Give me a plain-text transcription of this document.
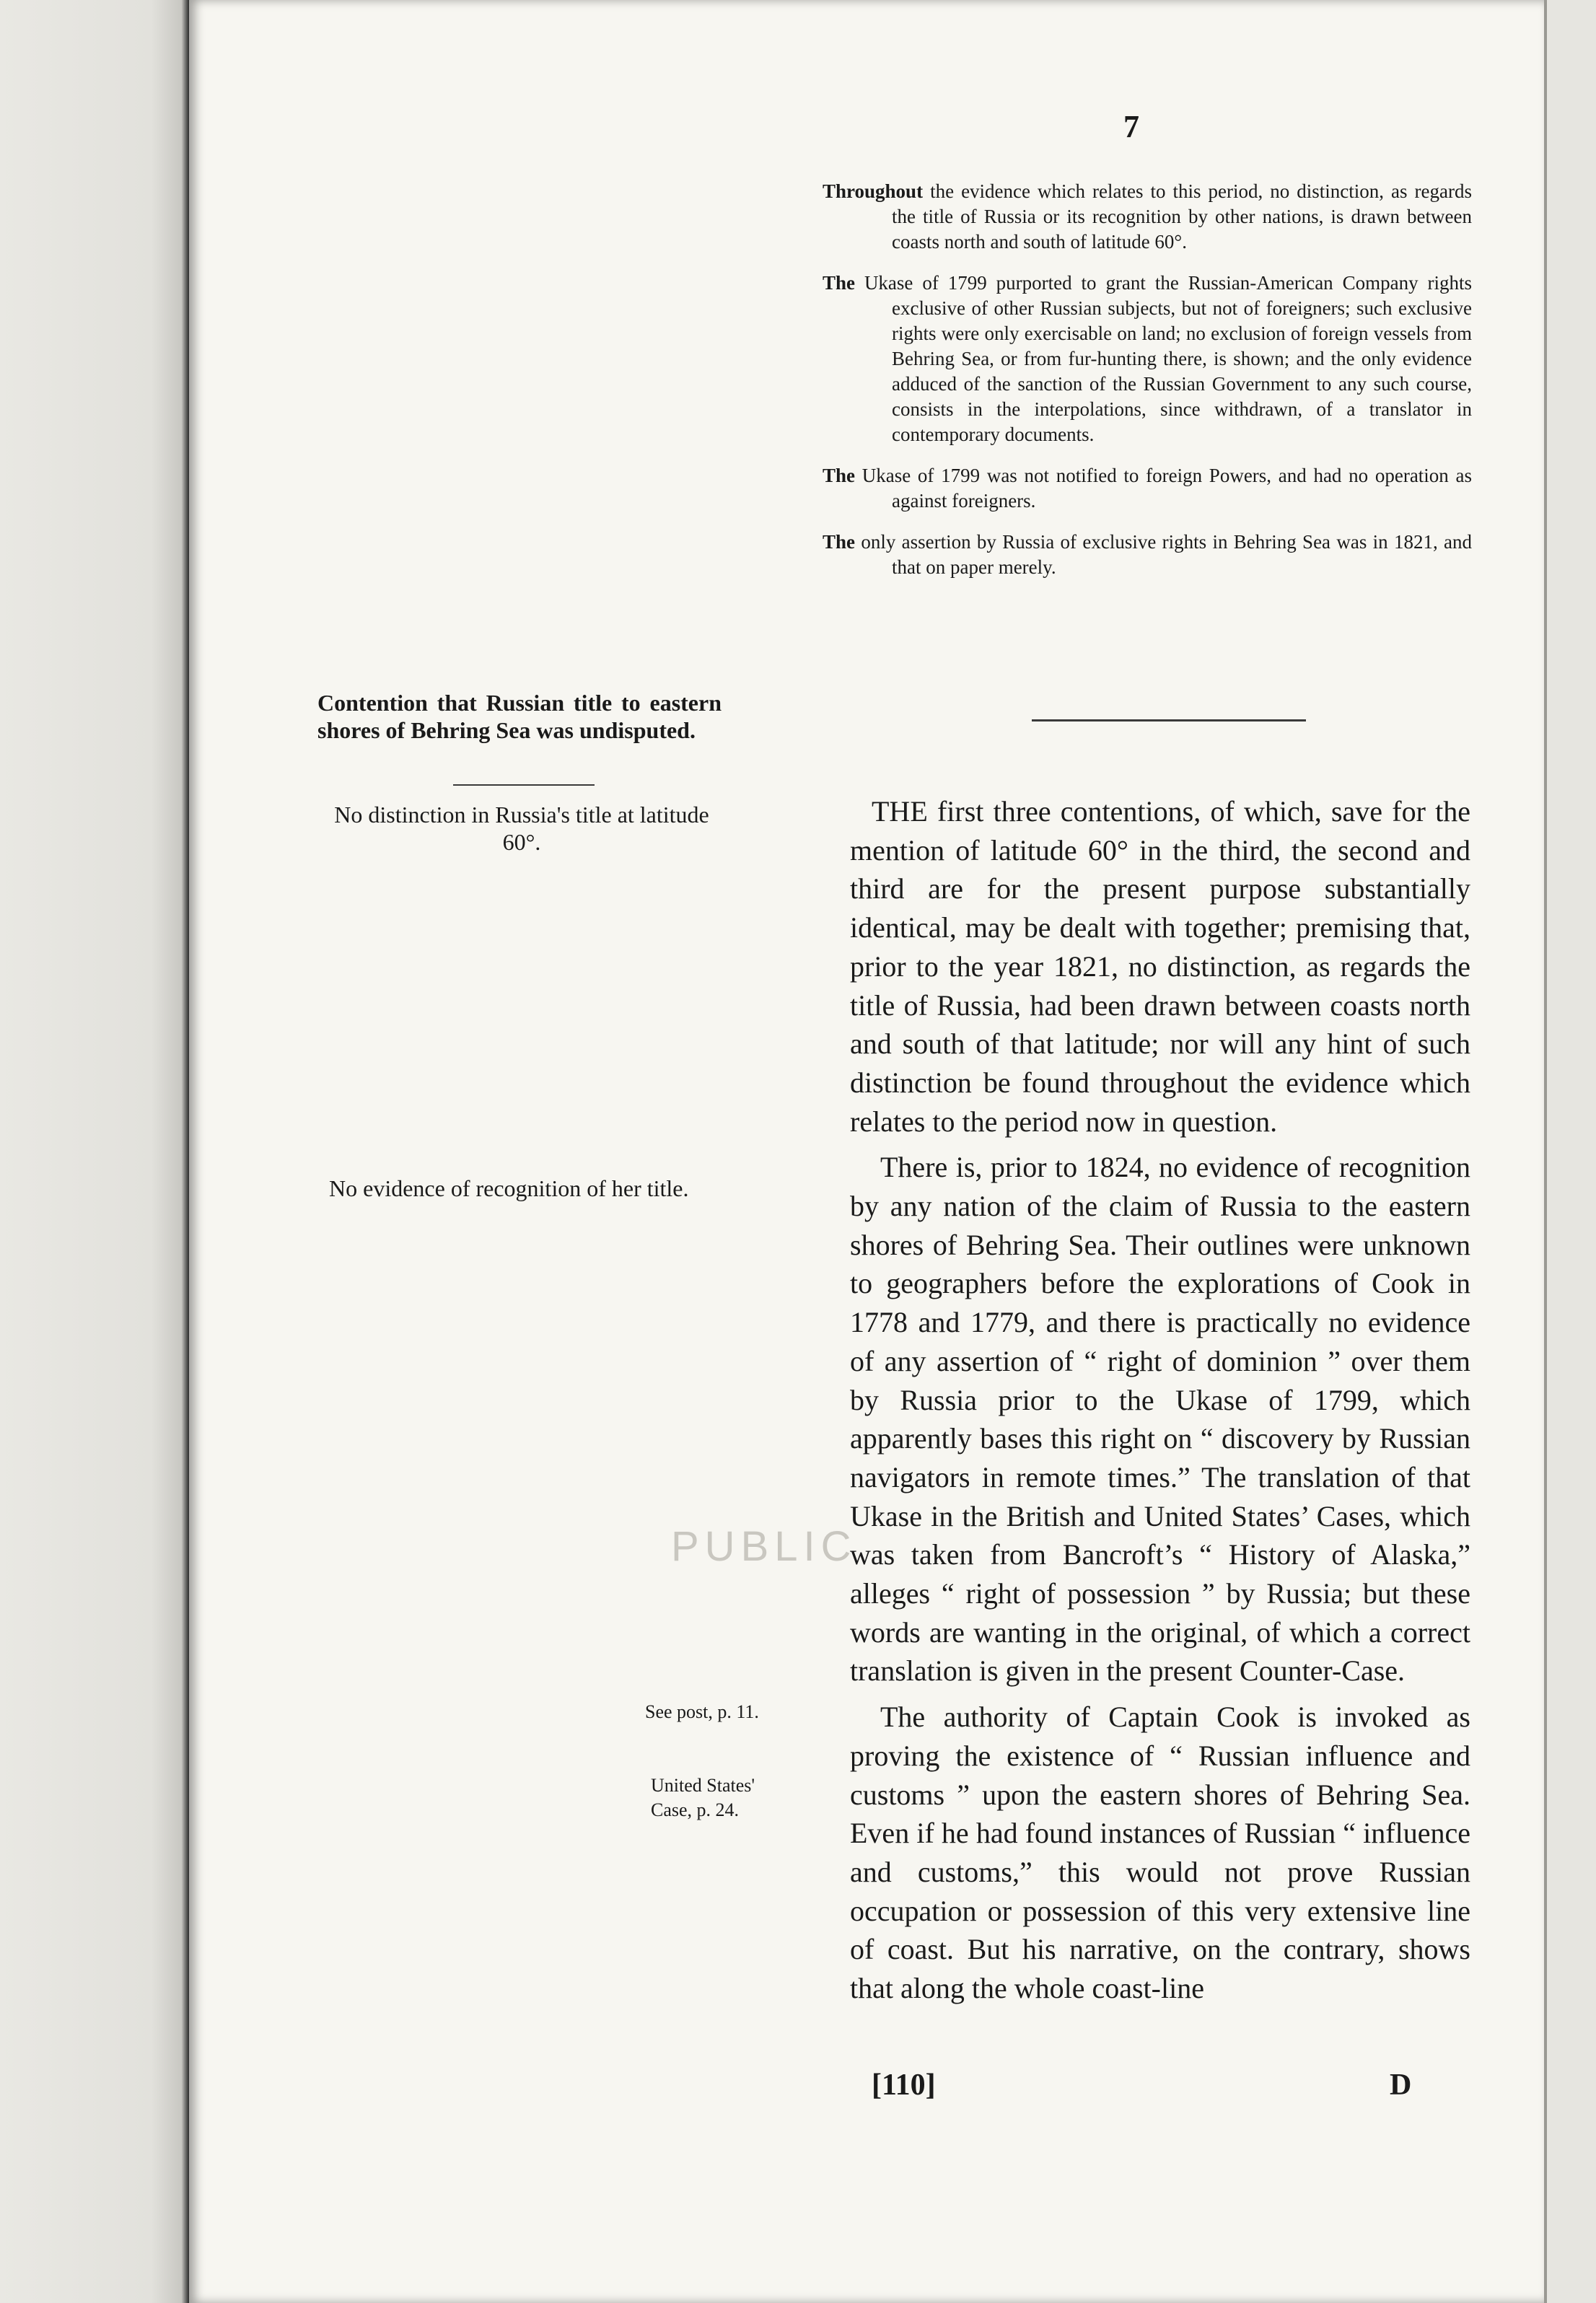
7

Throughout the evidence which relates to this period, no distinction, as regards the title of Russia or its recognition by other nations, is drawn between coasts north and south of latitude 60°.

The Ukase of 1799 purported to grant the Russian-American Company rights exclusive of other Russian subjects, but not of foreigners; such exclusive rights were only exercisable on land; no exclusion of foreign vessels from Behring Sea, or from fur-hunting there, is shown; and the only evidence adduced of the sanction of the Russian Government to any such course, consists in the interpolations, since withdrawn, of a translator in contemporary documents.

The Ukase of 1799 was not notified to foreign Powers, and had no operation as against foreigners.

The only assertion by Russia of exclusive rights in Behring Sea was in 1821, and that on paper merely.

Contention that Russian title to eastern shores of Behring Sea was undisputed.
No distinction in Russia's title at latitude 60°.
No evidence of recognition of her title.
PUBLIC
See post, p. 11.
United States' Case, p. 24.

THE first three contentions, of which, save for the mention of latitude 60° in the third, the second and third are for the present purpose substantially identical, may be dealt with together; premising that, prior to the year 1821, no distinction, as regards the title of Russia, had been drawn between coasts north and south of that latitude; nor will any hint of such distinction be found throughout the evidence which relates to the period now in question.

There is, prior to 1824, no evidence of recognition by any nation of the claim of Russia to the eastern shores of Behring Sea. Their outlines were unknown to geographers before the explorations of Cook in 1778 and 1779, and there is practically no evidence of any assertion of “ right of dominion ” over them by Russia prior to the Ukase of 1799, which apparently bases this right on “ discovery by Russian navigators in remote times.” The translation of that Ukase in the British and United States’ Cases, which was taken from Bancroft’s “ History of Alaska,” alleges “ right of possession ” by Russia; but these words are wanting in the original, of which a correct translation is given in the present Counter-Case.

The authority of Captain Cook is invoked as proving the existence of “ Russian influence and customs ” upon the eastern shores of Behring Sea. Even if he had found instances of Russian “ influence and customs,” this would not prove Russian occupation or possession of this very extensive line of coast. But his narrative, on the contrary, shows that along the whole coast-line

[110]	D
